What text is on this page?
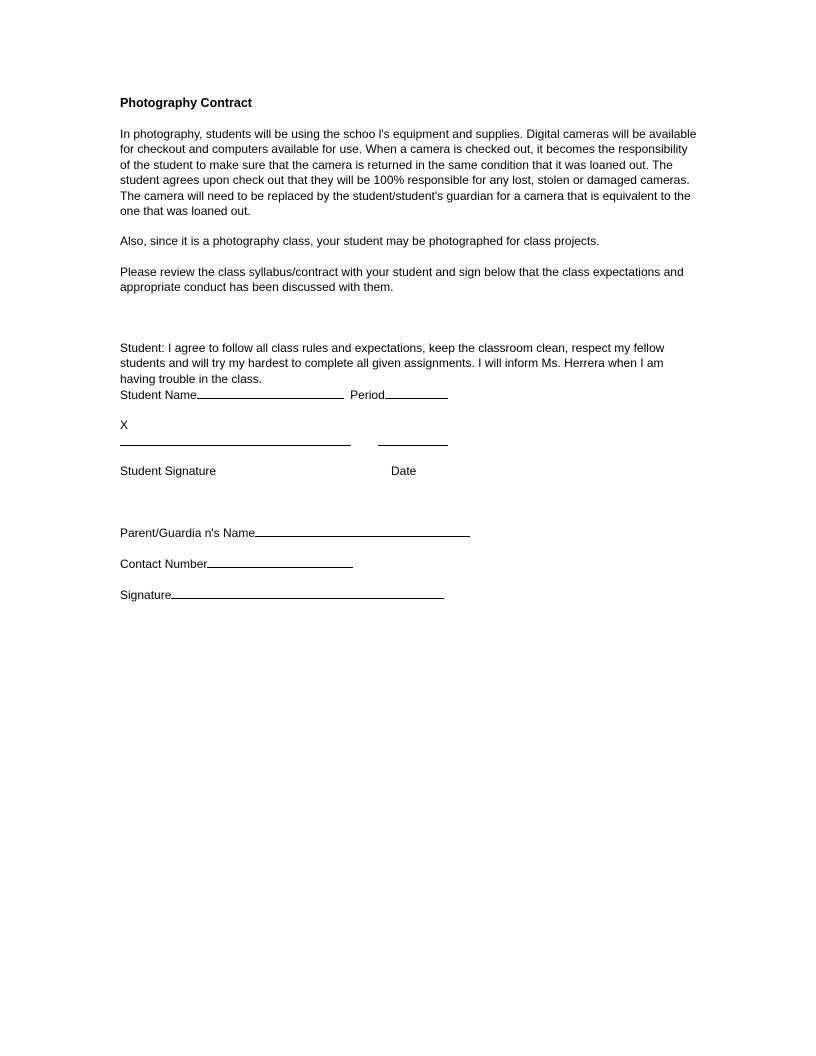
Photography Contract
In photography, students will be using the schoo l's equipment and supplies. Digital cameras will be available for checkout and computers available for use. When a camera is checked out, it becomes the responsibility of the student to make sure that the camera is returned in the same condition that it was loaned out. The student agrees upon check out that they will be 100% responsible for any lost, stolen or damaged cameras. The camera will need to be replaced by the student/student's guardian for a camera that is equivalent to the one that was loaned out.
Also, since it is a photography class, your student may be photographed for class projects.
Please review the class syllabus/contract with your student and sign below that the class expectations and appropriate conduct has been discussed with them.
Student: I agree to follow all class rules and expectations, keep the classroom clean, respect my fellow students and will try my hardest to complete all given assignments. I will inform Ms. Herrera when I am having trouble in the class.
Student Name	Period
X
Student Signature	Date
Parent/Guardia n's Name
Contact Number
Signature
